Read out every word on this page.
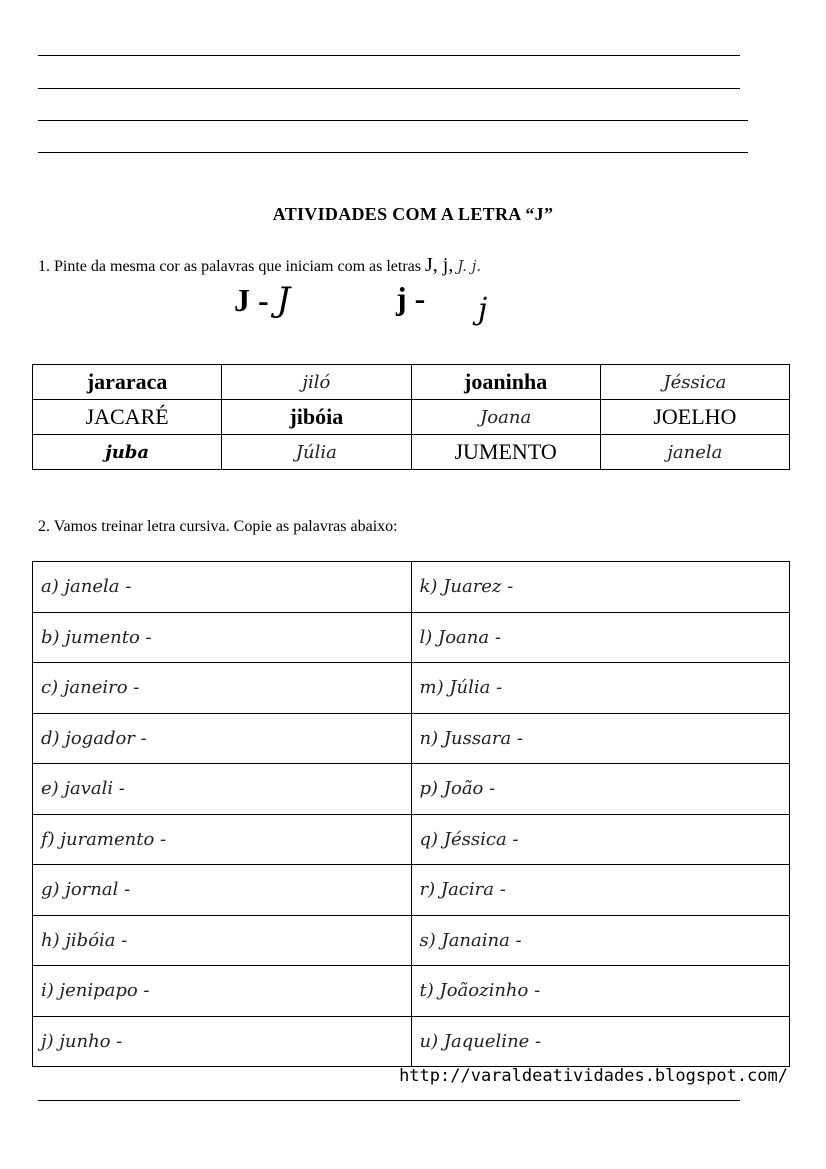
ATIVIDADES COM A LETRA “J”
1. Pinte da mesma cor as palavras que iniciam com as letras J, j, J. j.
J - J	j - j
jararaca	jiló	joaninha	Jéssica
JACARÉ	jibóia	Joana	JOELHO
juba	Júlia	JUMENTO	janela
2. Vamos treinar letra cursiva. Copie as palavras abaixo:
a) janela -	k) Juarez -
b) jumento -	l) Joana -
c) janeiro -	m) Júlia -
d) jogador -	n) Jussara -
e) javali -	p) João -
f) juramento -	q) Jéssica -
g) jornal -	r) Jacira -
h) jibóia -	s) Janaina -
i) jenipapo -	t) Joãozinho -
j) junho -	u) Jaqueline -
http://varaldeatividades.blogspot.com/
